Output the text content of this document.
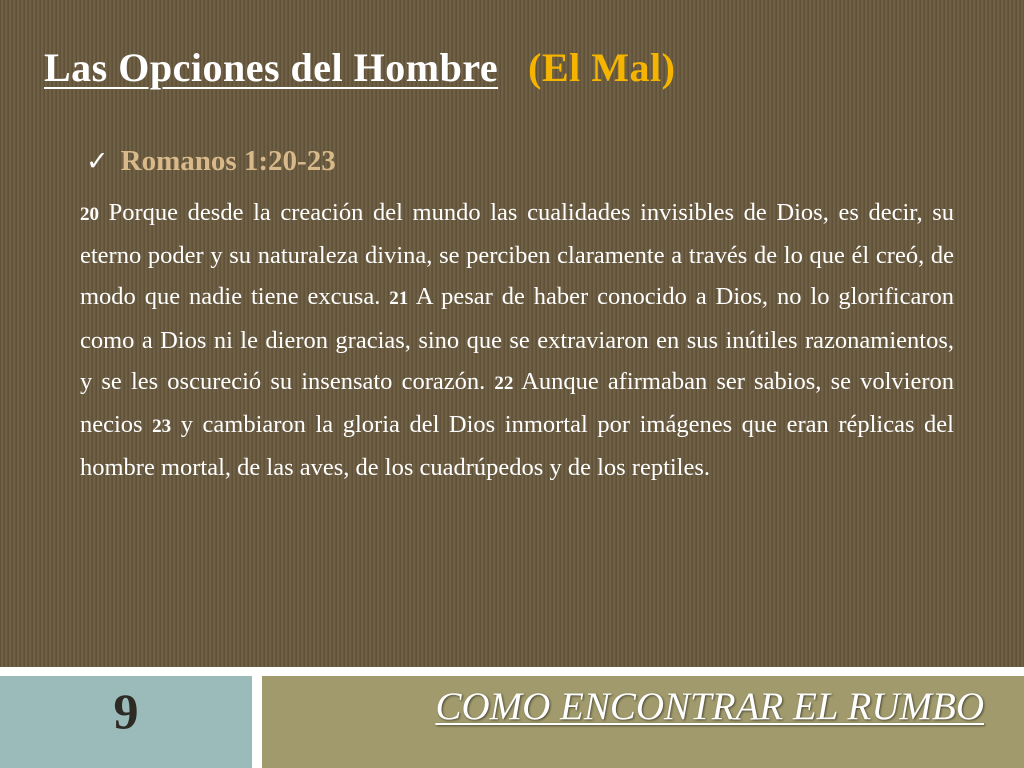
Las Opciones del Hombre (El Mal)
✓ Romanos 1:20-23
20 Porque desde la creación del mundo las cualidades invisibles de Dios, es decir, su eterno poder y su naturaleza divina, se perciben claramente a través de lo que él creó, de modo que nadie tiene excusa. 21 A pesar de haber conocido a Dios, no lo glorificaron como a Dios ni le dieron gracias, sino que se extraviaron en sus inútiles razonamientos, y se les oscureció su insensato corazón. 22 Aunque afirmaban ser sabios, se volvieron necios 23 y cambiaron la gloria del Dios inmortal por imágenes que eran réplicas del hombre mortal, de las aves, de los cuadrúpedos y de los reptiles.
9	COMO ENCONTRAR EL RUMBO
